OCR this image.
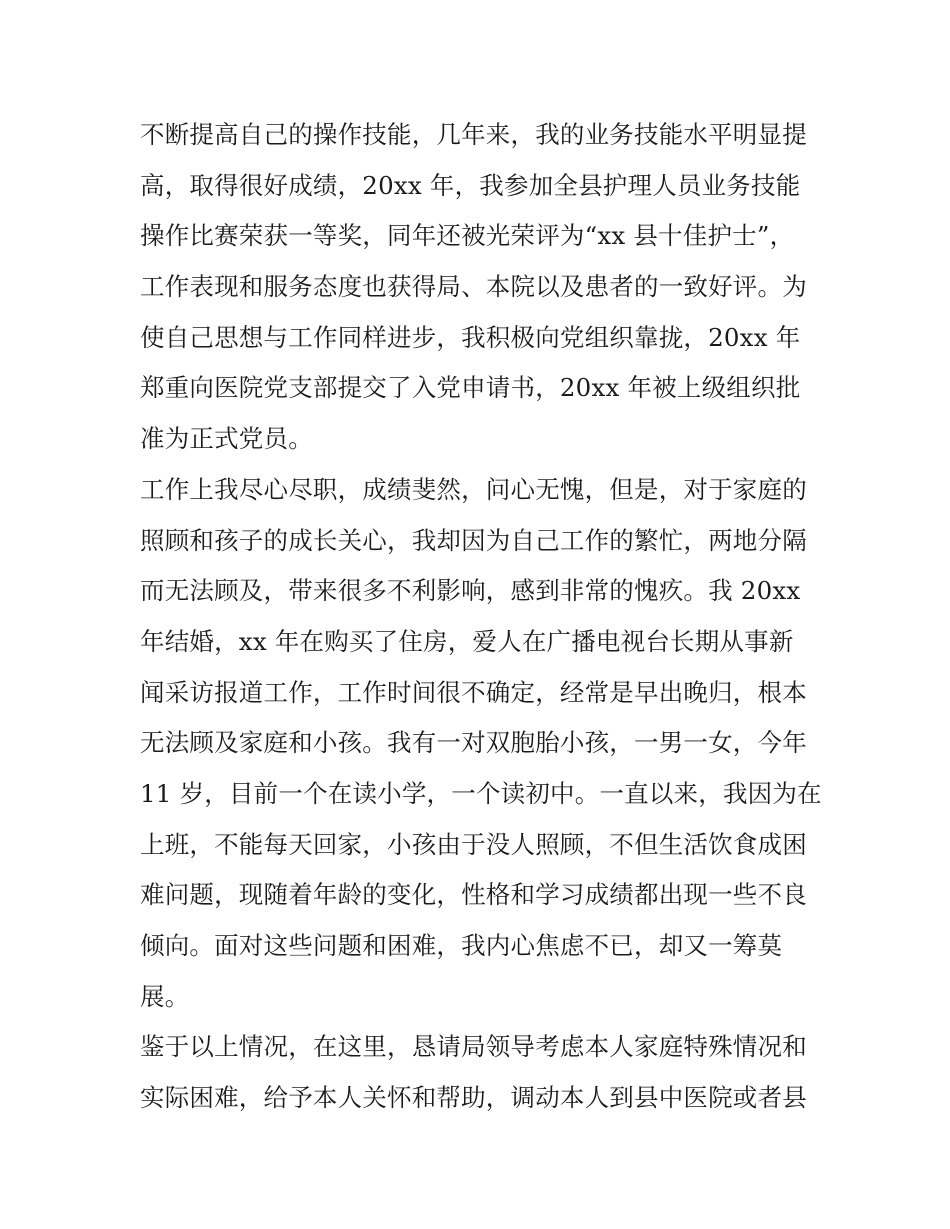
不断提高自己的操作技能，几年来，我的业务技能水平明显提
高，取得很好成绩，20xx 年，我参加全县护理人员业务技能
操作比赛荣获一等奖，同年还被光荣评为“xx 县十佳护士”，
工作表现和服务态度也获得局、本院以及患者的一致好评。为
使自己思想与工作同样进步，我积极向党组织靠拢，20xx 年
郑重向医院党支部提交了入党申请书，20xx 年被上级组织批
准为正式党员。
工作上我尽心尽职，成绩斐然，问心无愧，但是，对于家庭的
照顾和孩子的成长关心，我却因为自己工作的繁忙，两地分隔
而无法顾及，带来很多不利影响，感到非常的愧疚。我 20xx
年结婚，xx 年在购买了住房，爱人在广播电视台长期从事新
闻采访报道工作，工作时间很不确定，经常是早出晚归，根本
无法顾及家庭和小孩。我有一对双胞胎小孩，一男一女，今年
11 岁，目前一个在读小学，一个读初中。一直以来，我因为在
上班，不能每天回家，小孩由于没人照顾，不但生活饮食成困
难问题，现随着年龄的变化，性格和学习成绩都出现一些不良
倾向。面对这些问题和困难，我内心焦虑不已，却又一筹莫
展。
鉴于以上情况，在这里，恳请局领导考虑本人家庭特殊情况和
实际困难，给予本人关怀和帮助，调动本人到县中医院或者县
